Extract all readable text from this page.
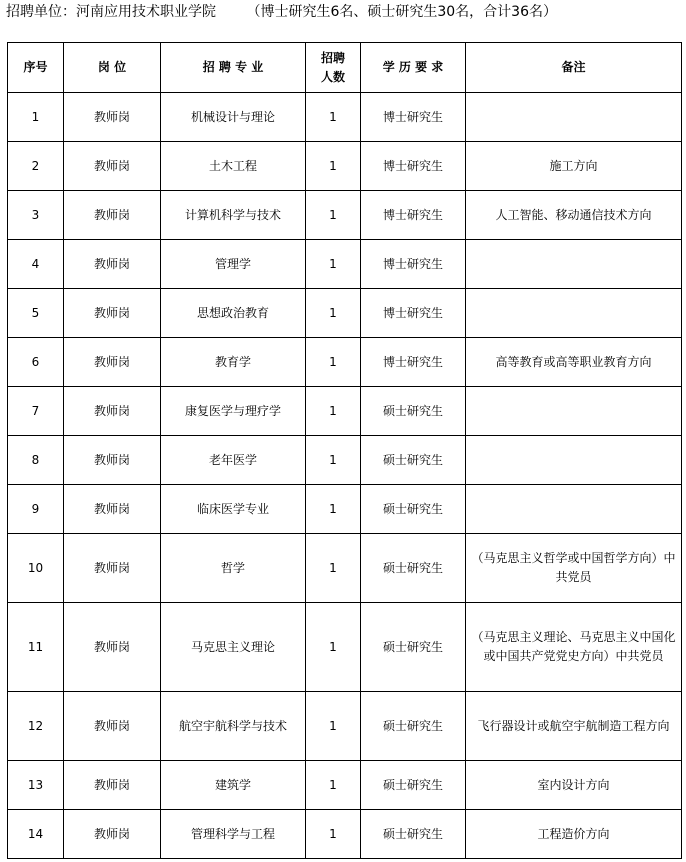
招聘单位：河南应用技术职业学院 （博士研究生6名、硕士研究生30名，合计36名）
序号	岗 位	招 聘 专 业	招聘人数	学 历 要 求	备注
1	教师岗	机械设计与理论	1	博士研究生	
2	教师岗	土木工程	1	博士研究生	施工方向
3	教师岗	计算机科学与技术	1	博士研究生	人工智能、移动通信技术方向
4	教师岗	管理学	1	博士研究生	
5	教师岗	思想政治教育	1	博士研究生	
6	教师岗	教育学	1	博士研究生	高等教育或高等职业教育方向
7	教师岗	康复医学与理疗学	1	硕士研究生	
8	教师岗	老年医学	1	硕士研究生	
9	教师岗	临床医学专业	1	硕士研究生	
10	教师岗	哲学	1	硕士研究生	（马克思主义哲学或中国哲学方向）中共党员
11	教师岗	马克思主义理论	1	硕士研究生	（马克思主义理论、马克思主义中国化或中国共产党党史方向）中共党员
12	教师岗	航空宇航科学与技术	1	硕士研究生	飞行器设计或航空宇航制造工程方向
13	教师岗	建筑学	1	硕士研究生	室内设计方向
14	教师岗	管理科学与工程	1	硕士研究生	工程造价方向
